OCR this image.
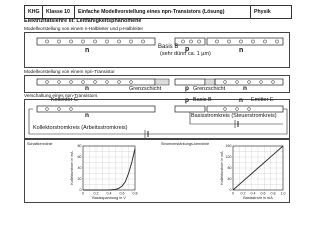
KHG	Klasse 10	Einfache Modellvorstellung eines npn-Transistors (Lösung)	Physik
Elektrizitätslehre III: Leitfähigkeitsphänomene
Modellvorstellung von einem n-Halbleiter und p-Halbleiter
n	Basis B p	n
(sehr dünn ca. 1 µm)
Modellvorstellung von einem npn-Transistor
n	Grenzschicht	p Grenzschicht	n
Verschaltung eines npn-Transistors
Kollektor C
n
p Basis B	n Emitter E
Basisstromkreis (Steuerstromkreis)
Kollektorstromkreis (Arbeitsstromkreis)
0	0.2 0.4 0.6 0.8
0
20
40
60
80
Schaltkennlinie
Basisspannung in V
Kollektorstrom in mA
0 0.2 0.4 0.6 0.8 1.0
0
40
80
120
160
Stromverstärkungs-kennlinie
Basisstrom in mA
Kollektorstrom in mA
